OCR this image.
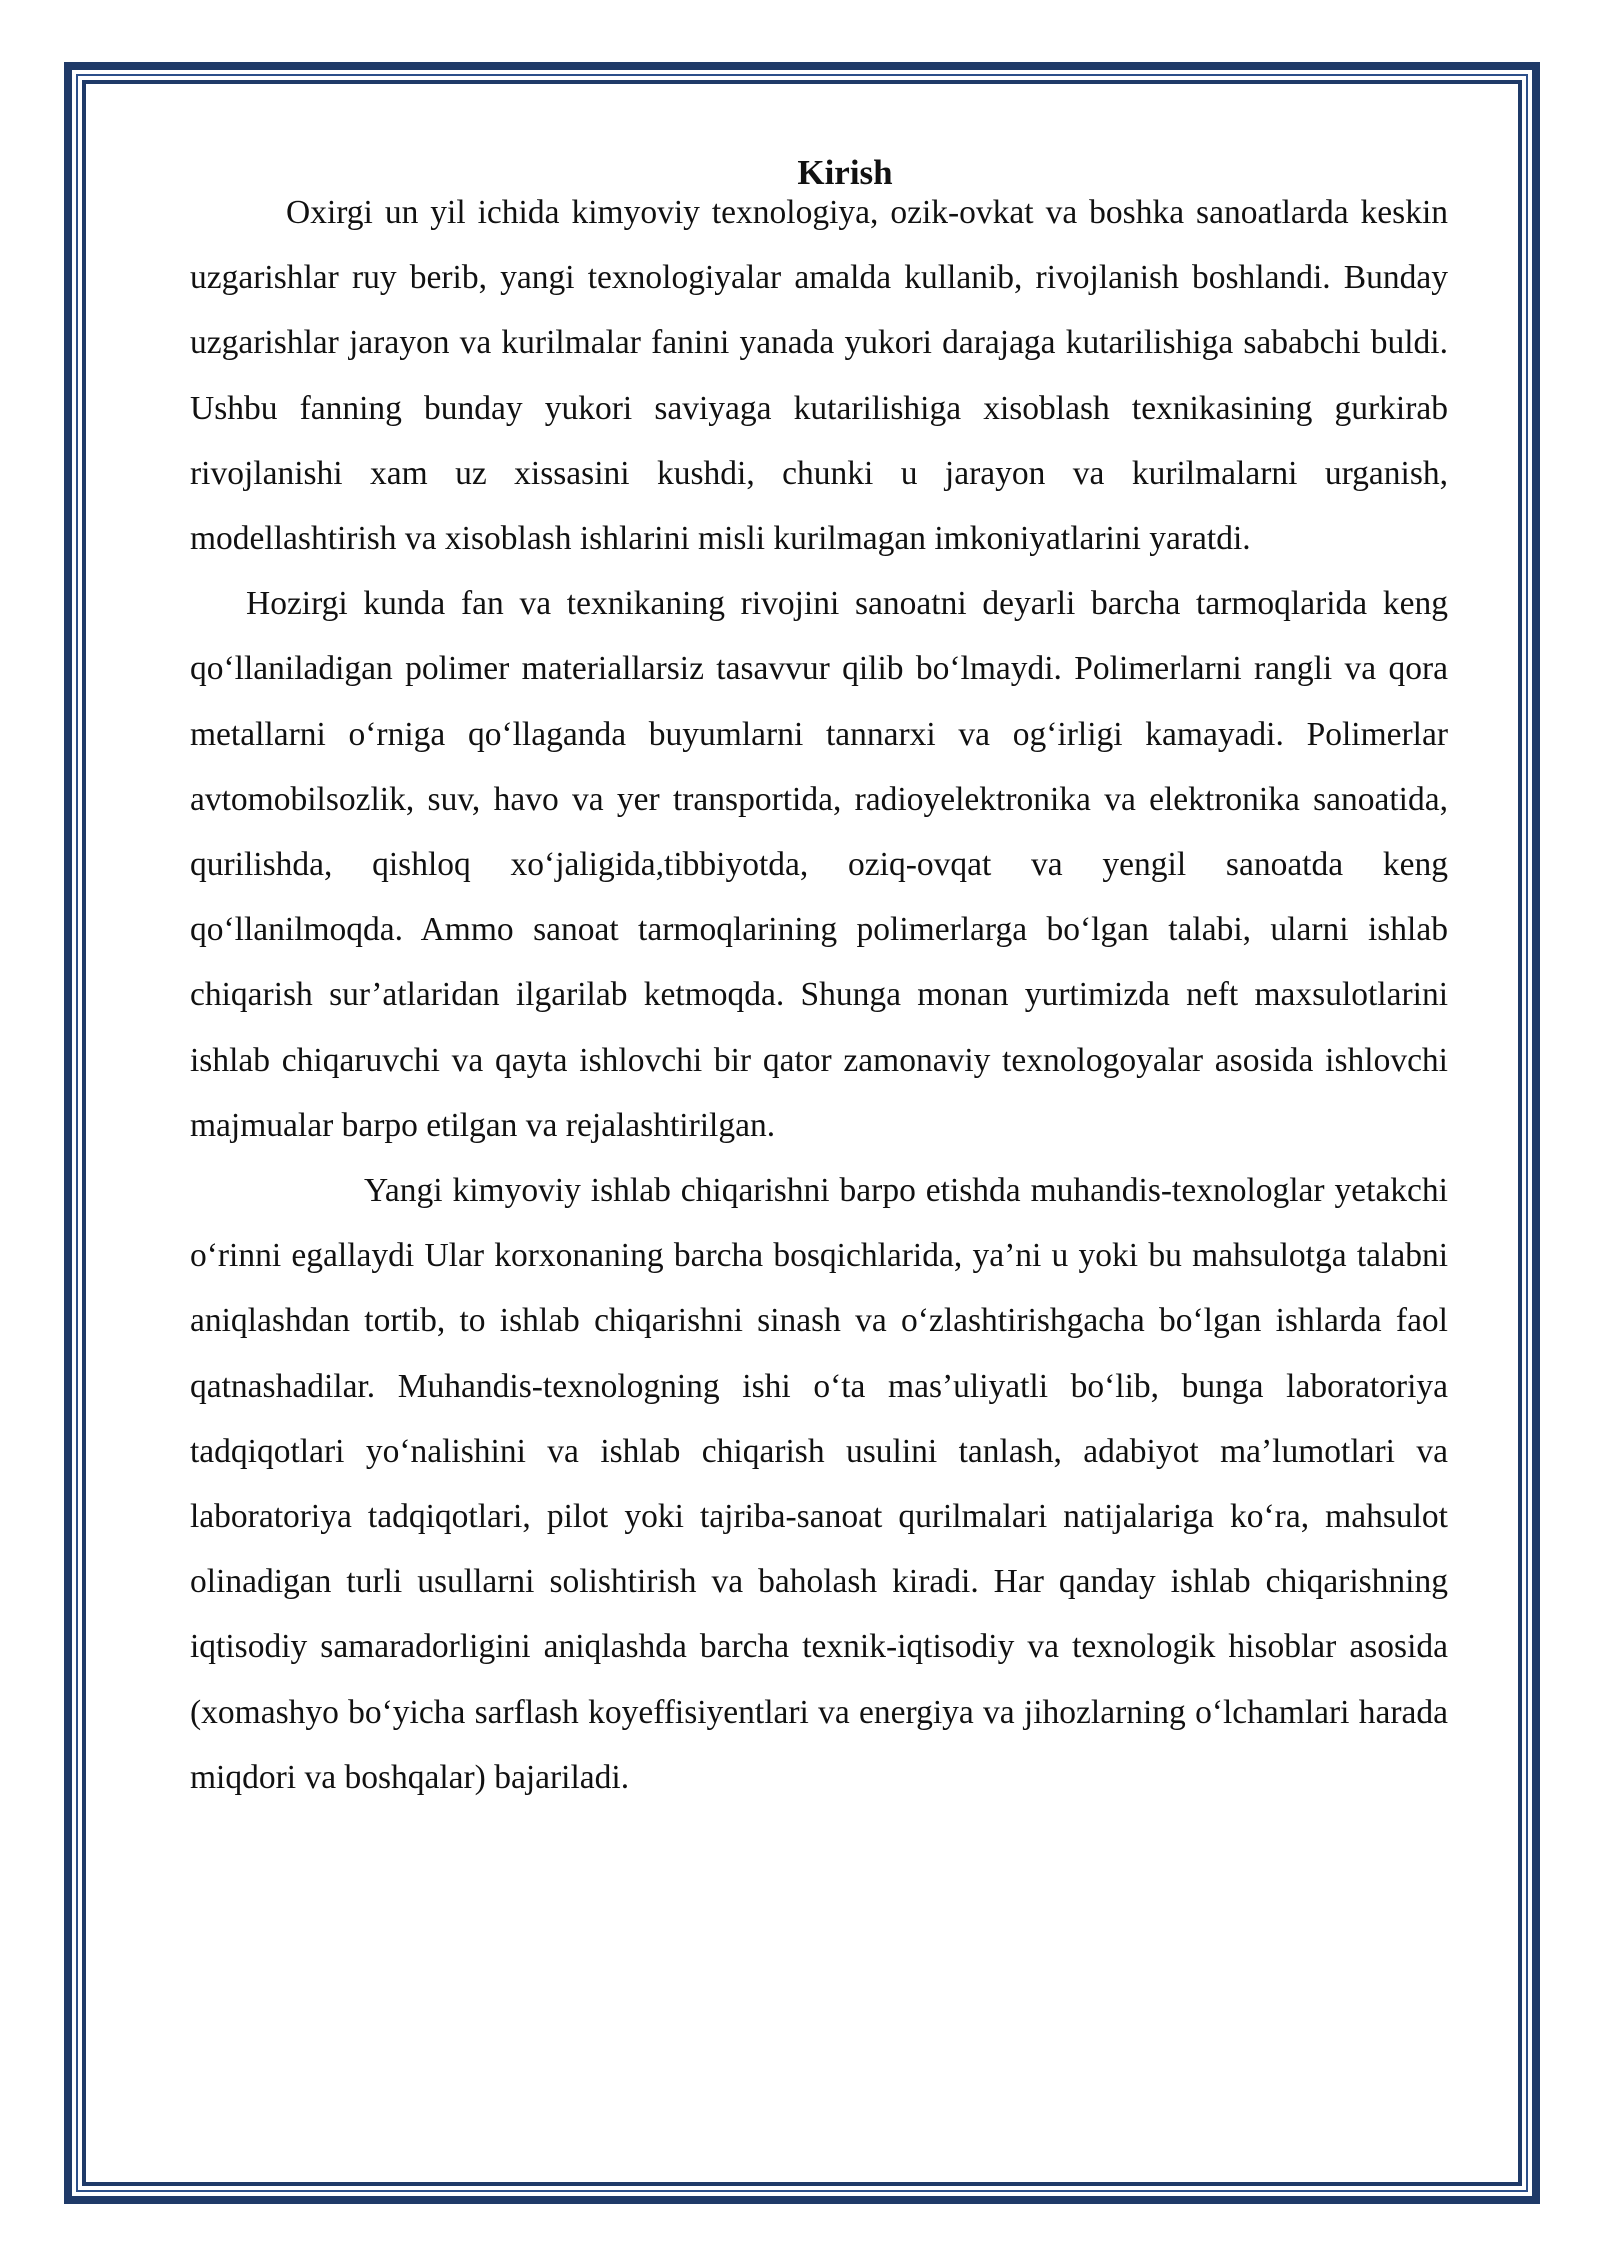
Kirish

Oxirgi un yil ichida kimyoviy texnologiya, ozik-ovkat va boshka sanoatlarda keskin uzgarishlar ruy berib, yangi texnologiyalar amalda kullanib, rivojlanish boshlandi. Bunday uzgarishlar jarayon va kurilmalar fanini yanada yukori darajaga kutarilishiga sababchi buldi. Ushbu fanning bunday yukori saviyaga kutarilishiga xisoblash texnikasining gurkirab rivojlanishi xam uz xissasini kushdi, chunki u jarayon va kurilmalarni urganish, modellashtirish va xisoblash ishlarini misli kurilmagan imkoniyatlarini yaratdi.

Hozirgi kunda fan va texnikaning rivojini sanoatni deyarli barcha tarmoqlarida keng qo‘llaniladigan polimer materiallarsiz tasavvur qilib bo‘lmaydi. Polimerlarni rangli va qora metallarni o‘rniga qo‘llaganda buyumlarni tannarxi va og‘irligi kamayadi. Polimerlar avtomobilsozlik, suv, havo va yer transportida, radioyelektronika va elektronika sanoatida, qurilishda, qishloq xo‘jaligida,tibbiyotda, oziq-ovqat va yengil sanoatda keng qo‘llanilmoqda. Ammo sanoat tarmoqlarining polimerlarga bo‘lgan talabi, ularni ishlab chiqarish sur’atlaridan ilgarilab ketmoqda. Shunga monan yurtimizda neft maxsulotlarini ishlab chiqaruvchi va qayta ishlovchi bir qator zamonaviy texnologoyalar asosida ishlovchi majmualar barpo etilgan va rejalashtirilgan.

Yangi kimyoviy ishlab chiqarishni barpo etishda muhandis-texnologlar yetakchi o‘rinni egallaydi Ular korxonaning barcha bosqichlarida, ya’ni u yoki bu mahsulotga talabni aniqlashdan tortib, to ishlab chiqarishni sinash va o‘zlashtirishgacha bo‘lgan ishlarda faol qatnashadilar. Muhandis-texnologning ishi o‘ta mas’uliyatli bo‘lib, bunga laboratoriya tadqiqotlari yo‘nalishini va ishlab chiqarish usulini tanlash, adabiyot ma’lumotlari va laboratoriya tadqiqotlari, pilot yoki tajriba-sanoat qurilmalari natijalariga ko‘ra, mahsulot olinadigan turli usullarni solishtirish va baholash kiradi. Har qanday ishlab chiqarishning iqtisodiy samaradorligini aniqlashda barcha texnik-iqtisodiy va texnologik hisoblar asosida (xomashyo bo‘yicha sarflash koyeffisiyentlari va energiya va jihozlarning o‘lchamlari harada miqdori va boshqalar) bajariladi.
